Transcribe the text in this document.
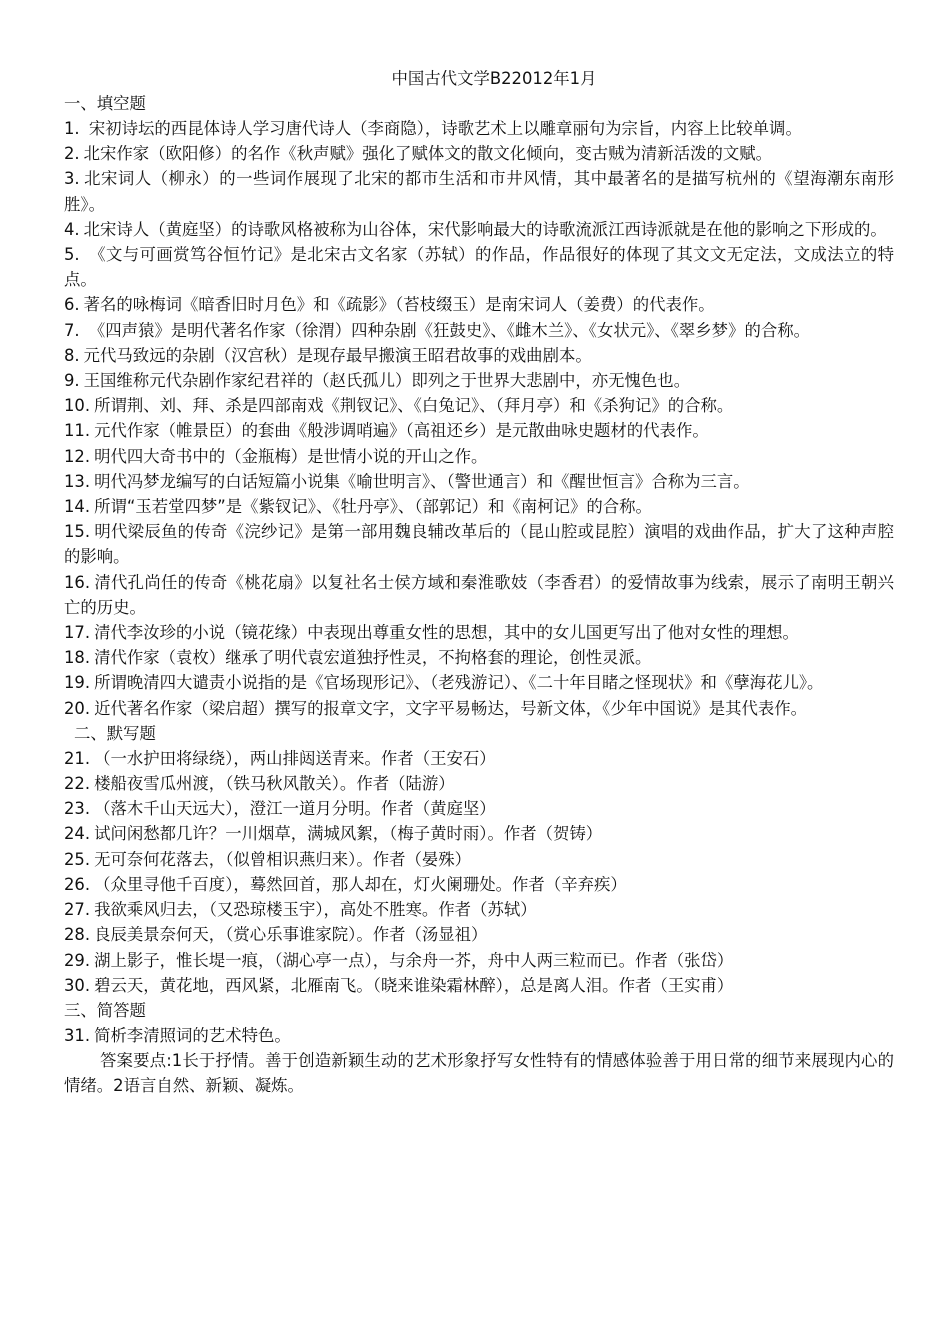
中国古代文学B22012年1月
一、填空题
1. 宋初诗坛的西昆体诗人学习唐代诗人（李商隐），诗歌艺术上以雕章丽句为宗旨，内容上比较单调。
2. 北宋作家（欧阳修）的名作《秋声赋》强化了赋体文的散文化倾向，变古贼为清新活泼的文赋。
3. 北宋词人（柳永）的一些词作展现了北宋的都市生活和市井风情，其中最著名的是描写杭州的《望海潮东南形胜》。
4. 北宋诗人（黄庭坚）的诗歌风格被称为山谷体，宋代影响最大的诗歌流派江西诗派就是在他的影响之下形成的。
5. 《文与可画赏笃谷恒竹记》是北宋古文名家（苏轼）的作品，作品很好的体现了其文文无定法，文成法立的特点。
6. 著名的咏梅词《暗香旧时月色》和《疏影》（苔枝缀玉）是南宋词人（姜费）的代表作。
7. 《四声猿》是明代著名作家（徐渭）四种杂剧《狂鼓史》、《雌木兰》、《女状元》、《翠乡梦》的合称。
8. 元代马致远的杂剧（汉宫秋）是现存最早搬演王昭君故事的戏曲剧本。
9. 王国维称元代杂剧作家纪君祥的（赵氏孤儿）即列之于世界大悲剧中，亦无愧色也。
10. 所谓荆、刘、拜、杀是四部南戏《荆钗记》、《白兔记》、（拜月亭）和《杀狗记》的合称。
11. 元代作家（帷景臣）的套曲《般涉调哨遍》（高祖还乡）是元散曲咏史题材的代表作。
12. 明代四大奇书中的（金瓶梅）是世情小说的开山之作。
13. 明代冯梦龙编写的白话短篇小说集《喻世明言》、（警世通言）和《醒世恒言》合称为三言。
14. 所谓“玉若堂四梦”是《紫钗记》、《牡丹亭》、（部郭记）和《南柯记》的合称。
15. 明代梁辰鱼的传奇《浣纱记》是第一部用魏良辅改革后的（昆山腔或昆腔）演唱的戏曲作品，扩大了这种声腔的影响。
16. 清代孔尚任的传奇《桃花扇》以复社名士侯方域和秦淮歌妓（李香君）的爱情故事为线索，展示了南明王朝兴亡的历史。
17. 清代李汝珍的小说（镜花缘）中表现出尊重女性的思想，其中的女儿国更写出了他对女性的理想。
18. 清代作家（袁枚）继承了明代袁宏道独抒性灵，不拘格套的理论，创性灵派。
19. 所谓晚清四大谴责小说指的是《官场现形记》、（老残游记）、《二十年目睹之怪现状》和《孽海花儿》。
20. 近代著名作家（梁启超）撰写的报章文字，文字平易畅达，号新文体，《少年中国说》是其代表作。
二、默写题
21. （一水护田将绿绕），两山排闼送青来。作者（王安石）
22. 楼船夜雪瓜州渡，（铁马秋风散关）。作者（陆游）
23. （落木千山天远大），澄江一道月分明。作者（黄庭坚）
24. 试问闲愁都几许？一川烟草，满城风絮，（梅子黄时雨）。作者（贺铸）
25. 无可奈何花落去，（似曾相识燕归来）。作者（晏殊）
26. （众里寻他千百度），蓦然回首，那人却在，灯火阑珊处。作者（辛弃疾）
27. 我欲乘风归去，（又恐琼楼玉宇），高处不胜寒。作者（苏轼）
28. 良辰美景奈何天，（赏心乐事谁家院）。作者（汤显祖）
29. 湖上影子，惟长堤一痕，（湖心亭一点），与余舟一芥，舟中人两三粒而已。作者（张岱）
30. 碧云天，黄花地，西风紧，北雁南飞。（晓来谁染霜林醉），总是离人泪。作者（王实甫）
三、简答题
31. 简析李清照词的艺术特色。
答案要点:1长于抒情。善于创造新颖生动的艺术形象抒写女性特有的情感体验善于用日常的细节来展现内心的情绪。2语言自然、新颖、凝炼。
